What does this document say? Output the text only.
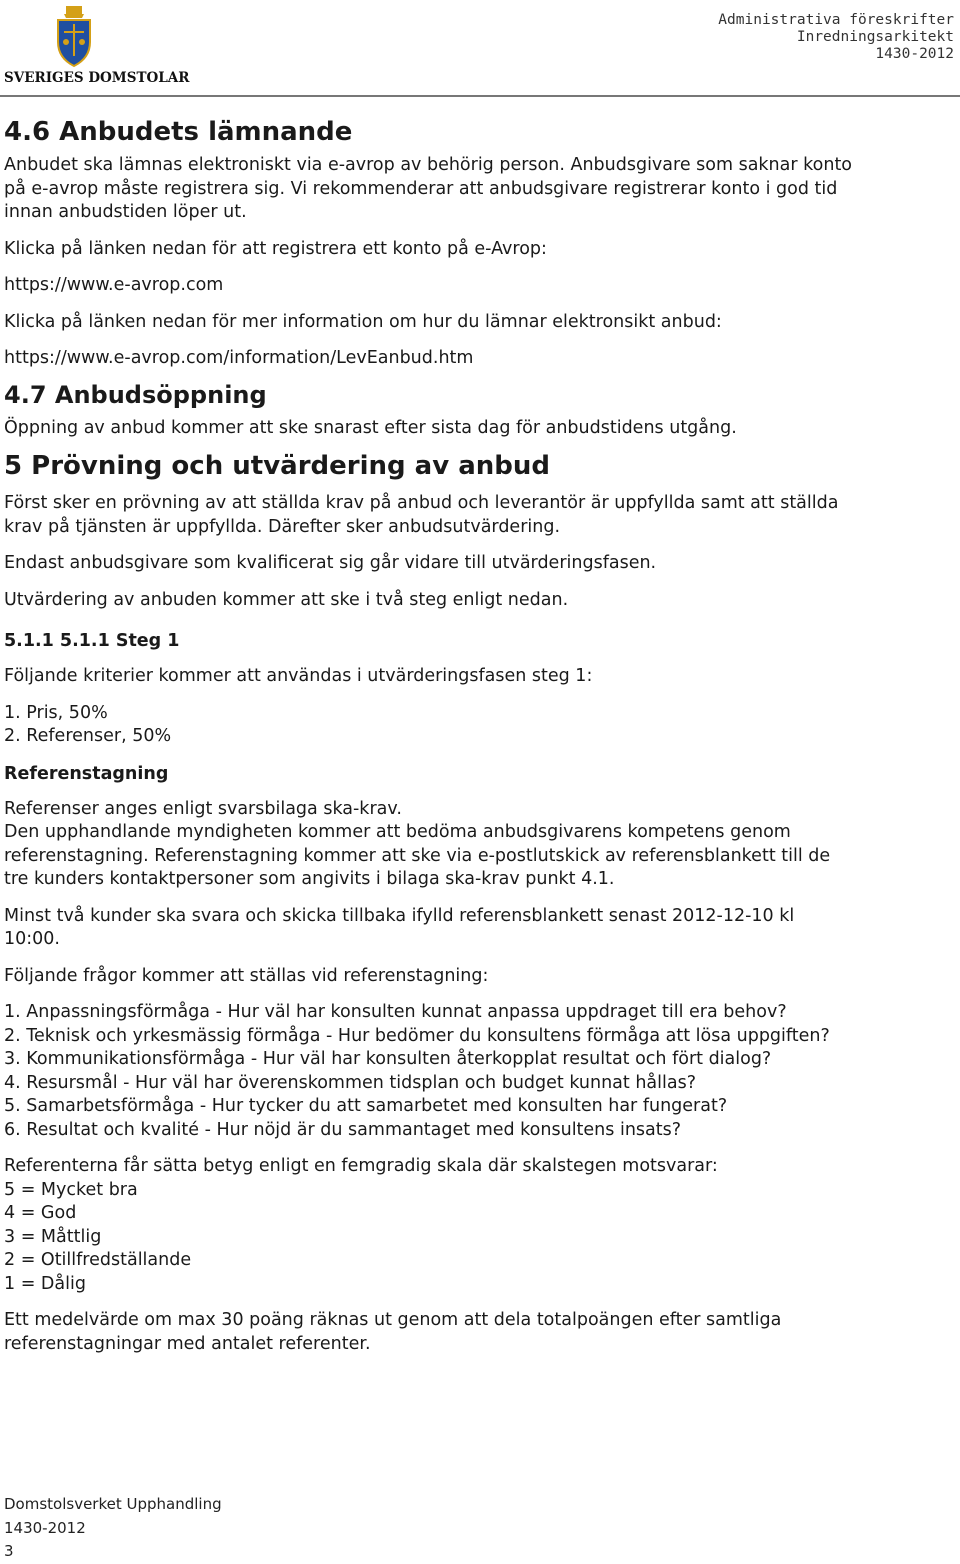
SVERIGES DOMSTOLAR
Administrativa föreskrifter
Inredningsarkitekt
1430-2012
4.6 Anbudets lämnande
Anbudet ska lämnas elektroniskt via e-avrop av behörig person. Anbudsgivare som saknar konto
på e-avrop måste registrera sig. Vi rekommenderar att anbudsgivare registrerar konto i god tid
innan anbudstiden löper ut.
Klicka på länken nedan för att registrera ett konto på e-Avrop:
https://www.e-avrop.com
Klicka på länken nedan för mer information om hur du lämnar elektronsikt anbud:
https://www.e-avrop.com/information/LevEanbud.htm
4.7 Anbudsöppning
Öppning av anbud kommer att ske snarast efter sista dag för anbudstidens utgång.
5 Prövning och utvärdering av anbud
Först sker en prövning av att ställda krav på anbud och leverantör är uppfyllda samt att ställda
krav på tjänsten är uppfyllda. Därefter sker anbudsutvärdering.
Endast anbudsgivare som kvalificerat sig går vidare till utvärderingsfasen.
Utvärdering av anbuden kommer att ske i två steg enligt nedan.
5.1.1 5.1.1 Steg 1
Följande kriterier kommer att användas i utvärderingsfasen steg 1:
1. Pris, 50%
2. Referenser, 50%
Referenstagning
Referenser anges enligt svarsbilaga ska-krav.
Den upphandlande myndigheten kommer att bedöma anbudsgivarens kompetens genom
referenstagning. Referenstagning kommer att ske via e-postlutskick av referensblankett till de
tre kunders kontaktpersoner som angivits i bilaga ska-krav punkt 4.1.
Minst två kunder ska svara och skicka tillbaka ifylld referensblankett senast 2012-12-10 kl
10:00.
Följande frågor kommer att ställas vid referenstagning:
1. Anpassningsförmåga - Hur väl har konsulten kunnat anpassa uppdraget till era behov?
2. Teknisk och yrkesmässig förmåga - Hur bedömer du konsultens förmåga att lösa uppgiften?
3. Kommunikationsförmåga - Hur väl har konsulten återkopplat resultat och fört dialog?
4. Resursmål - Hur väl har överenskommen tidsplan och budget kunnat hållas?
5. Samarbetsförmåga - Hur tycker du att samarbetet med konsulten har fungerat?
6. Resultat och kvalité - Hur nöjd är du sammantaget med konsultens insats?
Referenterna får sätta betyg enligt en femgradig skala där skalstegen motsvarar:
5 = Mycket bra
4 = God
3 = Måttlig
2 = Otillfredställande
1 = Dålig
Ett medelvärde om max 30 poäng räknas ut genom att dela totalpoängen efter samtliga
referenstagningar med antalet referenter.
Domstolsverket Upphandling
1430-2012
3
